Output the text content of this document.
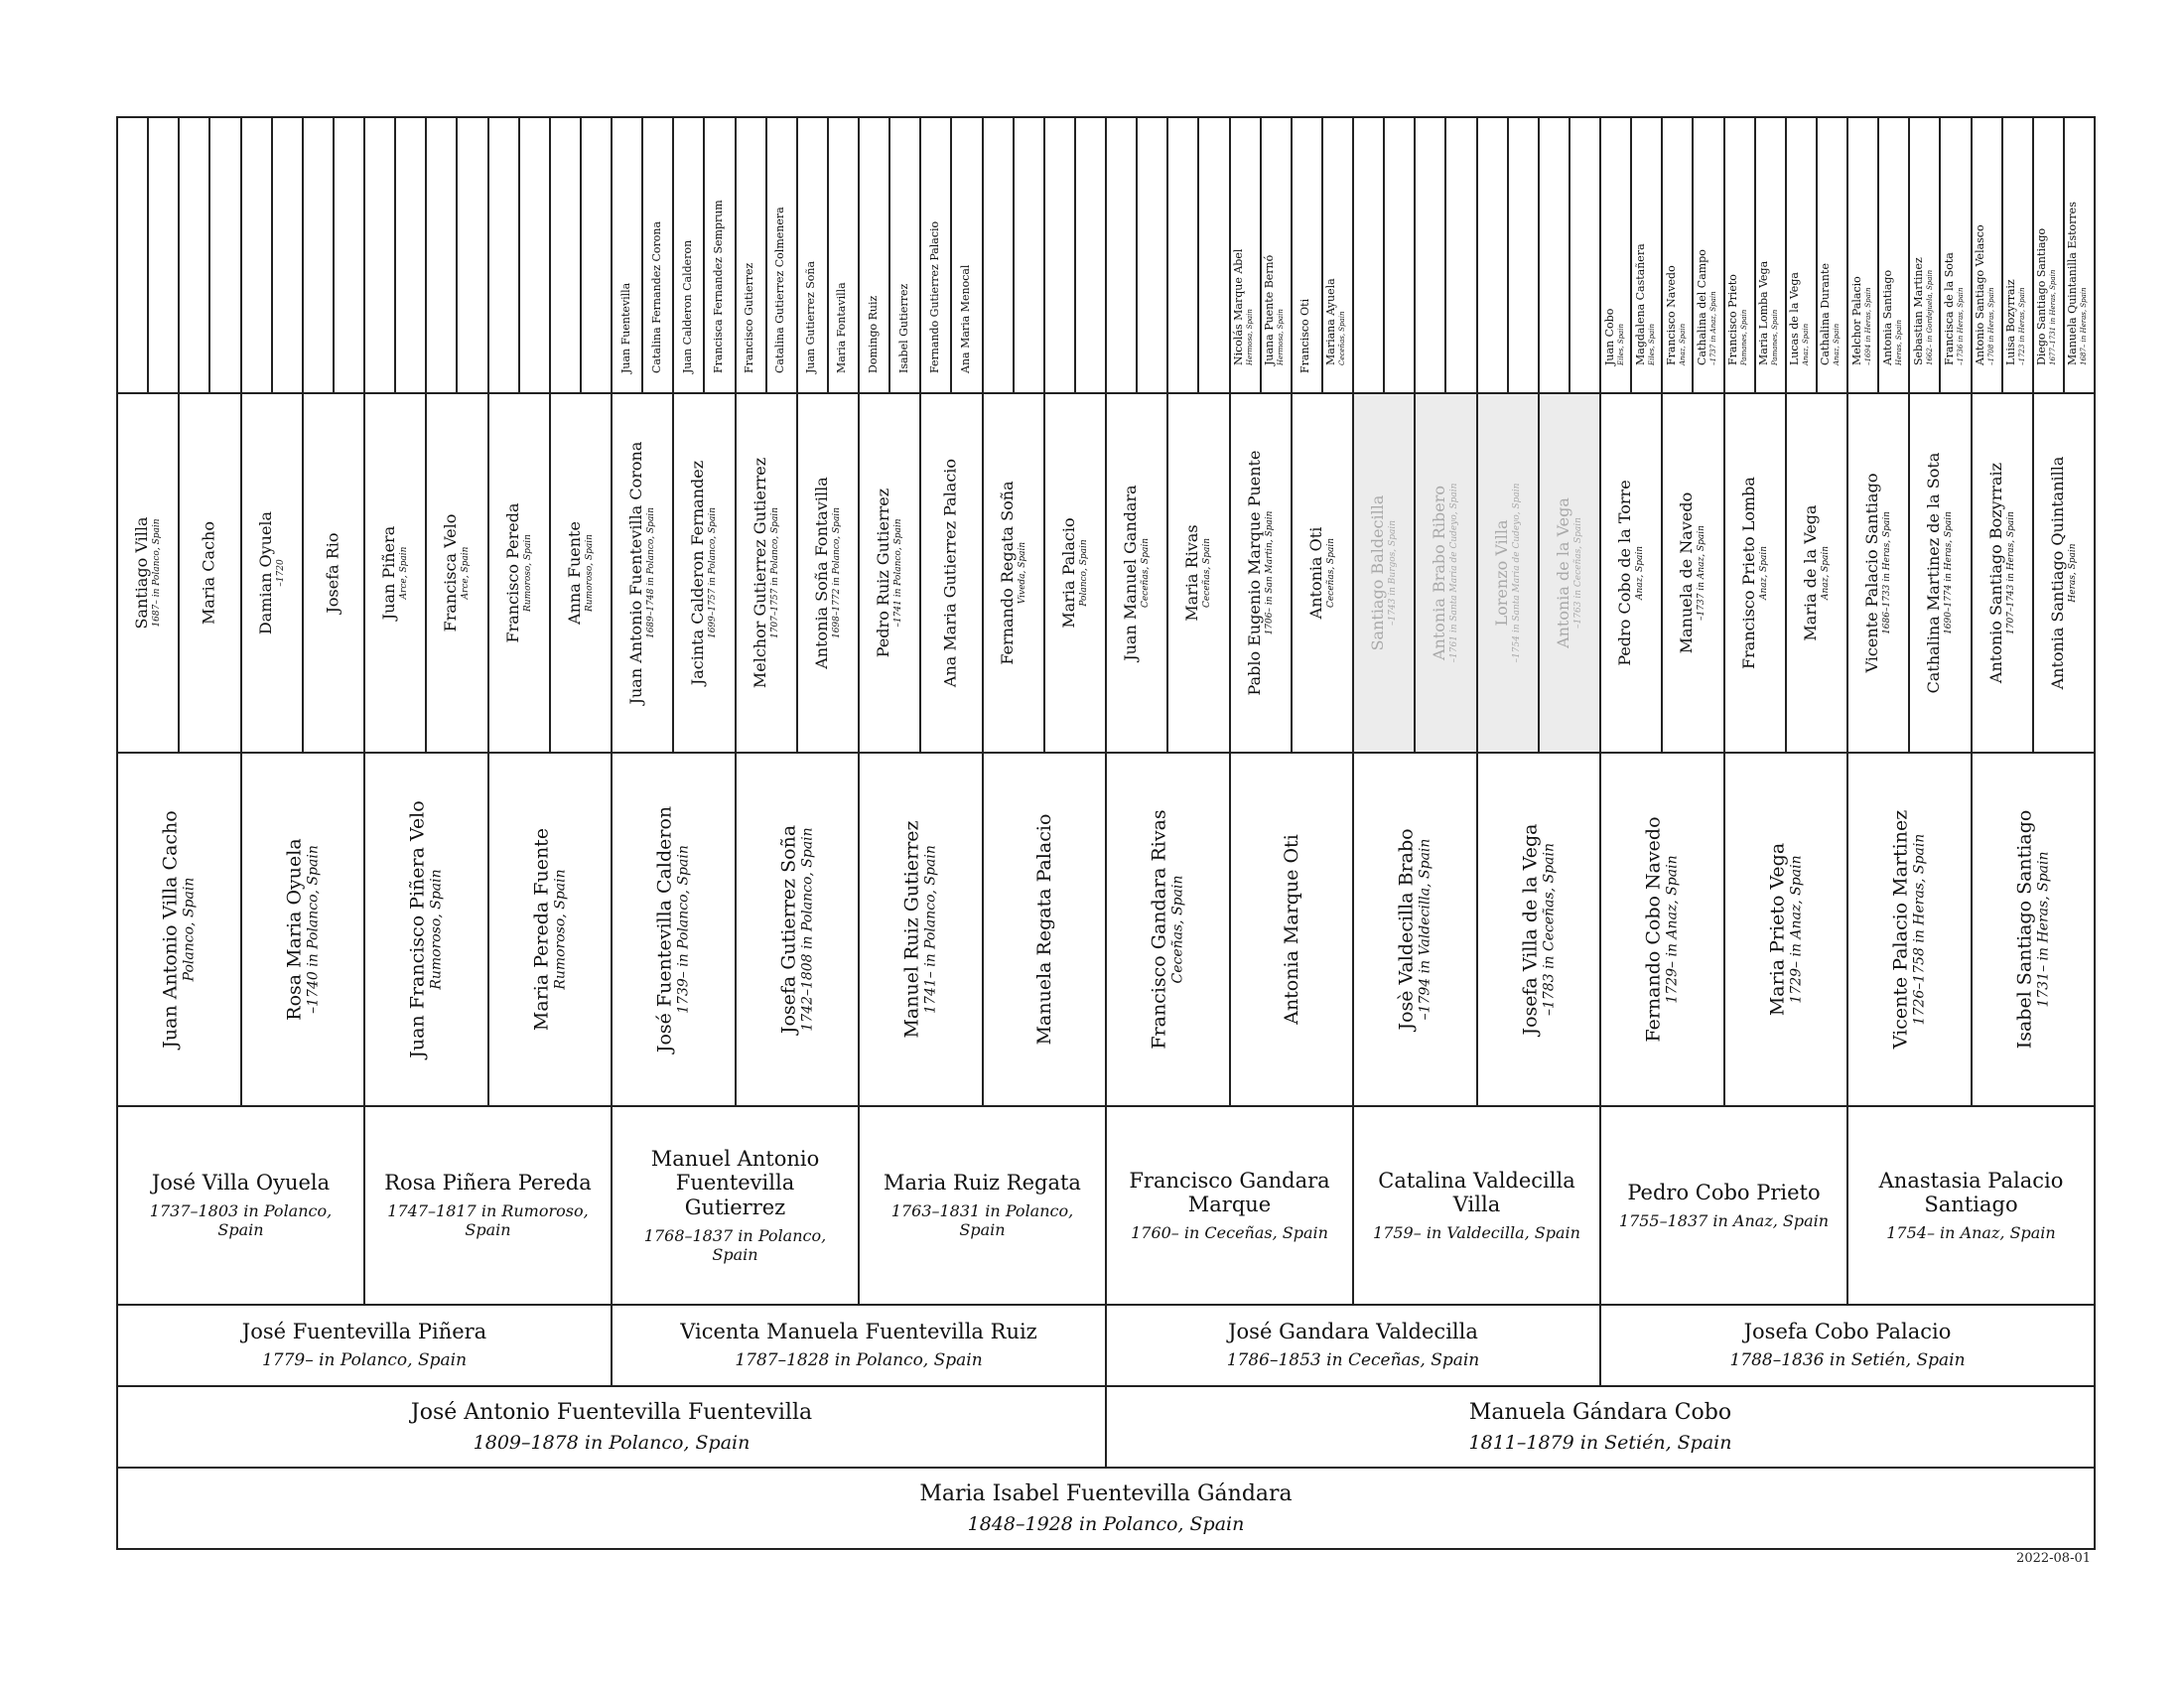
Maria Isabel Fuentevilla Gándara
1848–1928 in Polanco, Spain
José Antonio Fuentevilla Fuentevilla
1809–1878 in Polanco, Spain
Manuela Gándara Cobo
1811–1879 in Setién, Spain
José Fuentevilla Piñera
1779– in Polanco, Spain
Vicenta Manuela Fuentevilla Ruiz
1787–1828 in Polanco, Spain
José Gandara Valdecilla
1786–1853 in Ceceñas, Spain
Josefa Cobo Palacio
1788–1836 in Setién, Spain
José Villa Oyuela
1737–1803 in Polanco, Spain
Rosa Piñera Pereda
1747–1817 in Rumoroso, Spain
Manuel Antonio Fuentevilla Gutierrez
1768–1837 in Polanco, Spain
Maria Ruiz Regata
1763–1831 in Polanco, Spain
Francisco Gandara Marque
1760– in Ceceñas, Spain
Catalina Valdecilla Villa
1759– in Valdecilla, Spain
Pedro Cobo Prieto
1755–1837 in Anaz, Spain
Anastasia Palacio Santiago
1754– in Anaz, Spain
Juan Antonio Villa Cacho Polanco, Spain	Rosa Maria Oyuela –1740 in Polanco, Spain	Juan Francisco Piñera Velo Rumoroso, Spain	Maria Pereda Fuente Rumoroso, Spain	José Fuentevilla Calderon 1739– in Polanco, Spain	Josefa Gutierrez Soña 1742–1808 in Polanco, Spain	Manuel Ruiz Gutierrez 1741– in Polanco, Spain	Manuela Regata Palacio	Francisco Gandara Rivas Ceceñas, Spain	Antonia Marque Oti	Josè Valdecilla Brabo –1794 in Valdecilla, Spain	Josefa Villa de la Vega –1783 in Ceceñas, Spain	Fernando Cobo Navedo 1729– in Anaz, Spain	Maria Prieto Vega 1729– in Anaz, Spain	Vicente Palacio Martinez 1726–1758 in Heras, Spain	Isabel Santiago Santiago 1731– in Heras, Spain
Santiago Villa 1687– in Polanco, Spain Maria Cacho Damian Oyuela –1720 Josefa Rio Juan Piñera Arce, Spain Francisca Velo Arce, Spain Francisco Pereda Rumoroso, Spain Anna Fuente Rumoroso, Spain Juan Antonio Fuentevilla Corona 1689–1748 in Polanco, Spain Jacinta Calderon Fernandez 1699–1757 in Polanco, Spain Melchor Gutierrez Gutierrez 1707–1757 in Polanco, Spain Antonia Soña Fontavilla 1698–1772 in Polanco, Spain Pedro Ruiz Gutierrez –1741 in Polanco, Spain Ana Maria Gutierrez Palacio Fernando Regata Soña Viveda, Spain Maria Palacio Polanco, Spain Juan Manuel Gandara Ceceñas, Spain Maria Rivas Ceceñas, Spain Pablo Eugenio Marque Puente 1706– in San Martin, Spain Antonia Oti Ceceñas, Spain Santiago Baldecilla –1743 in Burgos, Spain Antonia Brabo Ribero –1761 in Santa Maria de Cudeyo, Spain Lorenzo Villa –1754 in Santa Maria de Cudeyo, Spain Antonia de la Vega –1763 in Ceceñas, Spain Pedro Cobo de la Torre Anaz, Spain Manuela de Navedo –1737 in Anaz, Spain Francisco Prieto Lomba Anaz, Spain Maria de la Vega Anaz, Spain Vicente Palacio Santiago 1686–1733 in Heras, Spain Cathalina Martinez de la Sota 1690–1774 in Heras, Spain Antonio Santiago Bozyrraiz 1707–1743 in Heras, Spain Antonia Santiago Quintanilla Heras, Spain
Juan Fuentevilla Catalina Fernandez Corona Juan Calderon Calderon Francisca Fernandez Semprum Francisco Gutierrez Catalina Gutierrez Colmenera Juan Gutierrez Soña Maria Fontavilla Domingo Ruiz Isabel Gutierrez Fernando Gutierrez Palacio Ana Maria Menocal	Nicolás Marque Abel Hermosa, Spain Juana Puente Bernó Hermosa, Spain Francisco Oti Mariana Ayuela Ceceñas, Spain	Juan Cobo Eiles, Spain Magdalena Castañera Eiles, Spain Francisco Navedo Anaz, Spain Cathalina del Campo –1737 in Anaz, Spain Francisco Prieto Pamanes, Spain Maria Lomba Vega Pamanes, Spain Lucas de la Vega Anaz, Spain Cathalina Durante Anaz, Spain Melchor Palacio –1694 in Heras, Spain Antonia Santiago Heras, Spain Sebastian Martinez 1662– in Gordejuela, Spain Francisca de la Sota –1736 in Heras, Spain Antonio Santiago Velasco –1708 in Heras, Spain Luisa Bozyrraiz –1723 in Heras, Spain Diego Santiago Santiago 1677–1731 in Heras, Spain Manuela Quintanilla Estorres 1687– in Heras, Spain
2022-08-01
